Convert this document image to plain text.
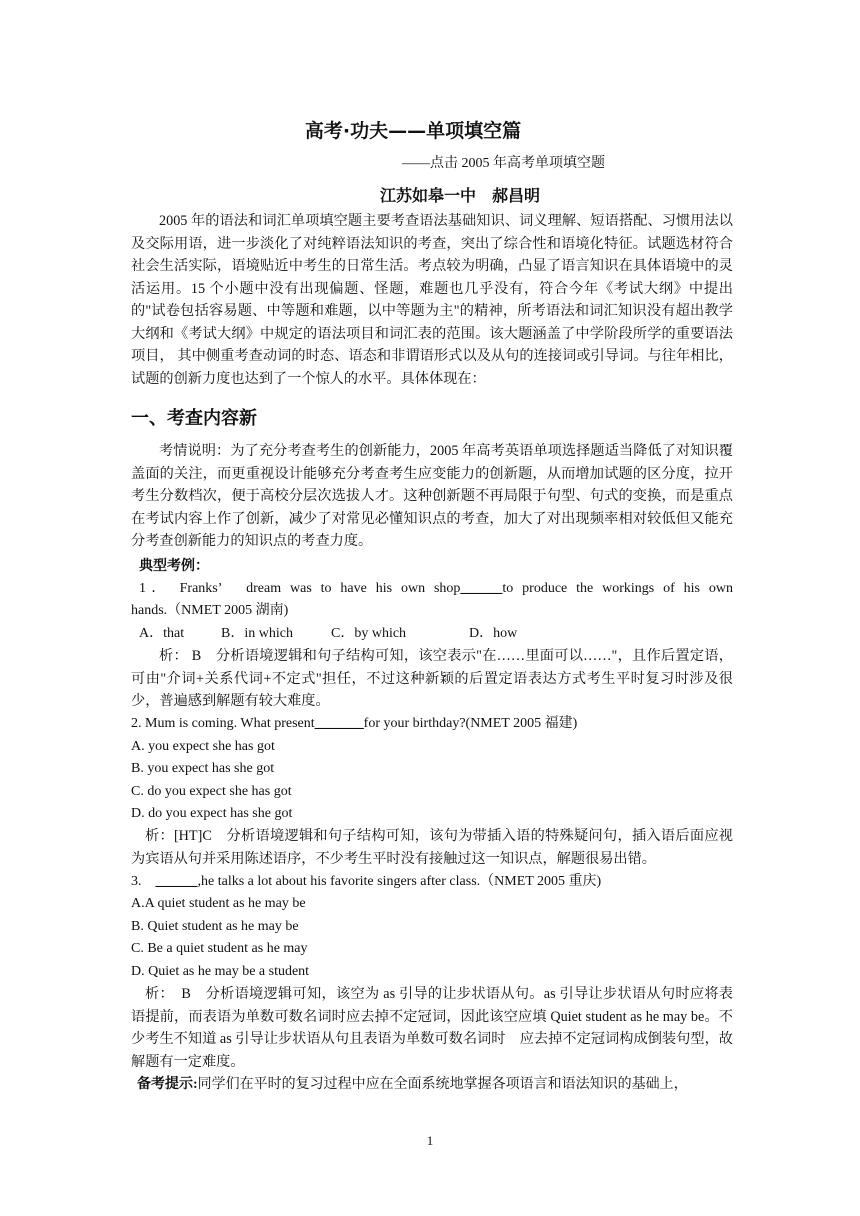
高考·功夫——单项填空篇
——点击 2005 年高考单项填空题
江苏如皋一中　郝昌明
2005 年的语法和词汇单项填空题主要考查语法基础知识、词义理解、短语搭配、习惯用法以及交际用语，进一步淡化了对纯粹语法知识的考查，突出了综合性和语境化特征。试题选材符合社会生活实际，语境贴近中考生的日常生活。考点较为明确，凸显了语言知识在具体语境中的灵活运用。15 个小题中没有出现偏题、怪题，难题也几乎没有，符合今年《考试大纲》中提出的"试卷包括容易题、中等题和难题，以中等题为主"的精神，所考语法和词汇知识没有超出教学大纲和《考试大纲》中规定的语法项目和词汇表的范围。该大题涵盖了中学阶段所学的重要语法项目， 其中侧重考查动词的时态、语态和非谓语形式以及从句的连接词或引导词。与往年相比，试题的创新力度也达到了一个惊人的水平。具体体现在：
一、考查内容新
考情说明：为了充分考查考生的创新能力，2005 年高考英语单项选择题适当降低了对知识覆盖面的关注，而更重视设计能够充分考查考生应变能力的创新题，从而增加试题的区分度，拉开考生分数档次，便于高校分层次选拔人才。这种创新题不再局限于句型、句式的变换，而是重点在考试内容上作了创新，减少了对常见必懂知识点的考查，加大了对出现频率相对较低但又能充分考查创新能力的知识点的考查力度。
典型考例：
1． Franks’　dream was to have his own shop______to produce the workings of his own
hands.（NMET 2005 湖南)
A．that	B．in which	C．by which	D．how
析： B　分析语境逻辑和句子结构可知，该空表示"在……里面可以……"，且作后置定语，可由"介词+关系代词+不定式"担任，不过这种新颖的后置定语表达方式考生平时复习时涉及很少，普遍感到解题有较大难度。
2. Mum is coming. What present_______for your birthday?(NMET 2005 福建)
A. you expect she has got
B. you expect has she got
C. do you expect she has got
D. do you expect has she got
析：[HT]C　分析语境逻辑和句子结构可知，该句为带插入语的特殊疑问句，插入语后面应视为宾语从句并采用陈述语序，不少考生平时没有接触过这一知识点，解题很易出错。
3.　______,he talks a lot about his favorite singers after class.（NMET 2005 重庆)
A.A quiet student as he may be
B. Quiet student as he may be
C. Be a quiet student as he may
D. Quiet as he may be a student
析：　B　分析语境逻辑可知，该空为 as 引导的让步状语从句。as 引导让步状语从句时应将表语提前，而表语为单数可数名词时应去掉不定冠词，因此该空应填 Quiet student as he may be。不少考生不知道 as 引导让步状语从句且表语为单数可数名词时　应去掉不定冠词构成倒装句型，故解题有一定难度。
备考提示:同学们在平时的复习过程中应在全面系统地掌握各项语言和语法知识的基础上，
1
